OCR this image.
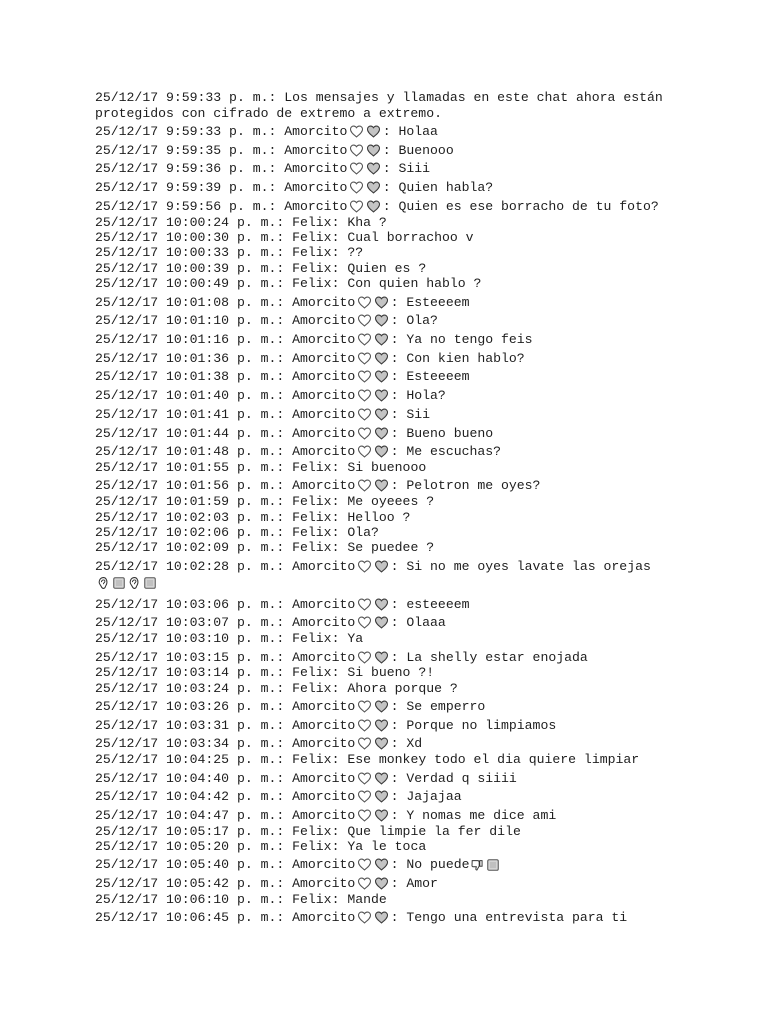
25/12/17 9:59:33 p. m.: Los mensajes y llamadas en este chat ahora están
protegidos con cifrado de extremo a extremo.
25/12/17 9:59:33 p. m.: Amorcito	: Holaa
25/12/17 9:59:35 p. m.: Amorcito	: Buenooo
25/12/17 9:59:36 p. m.: Amorcito	: Siii
25/12/17 9:59:39 p. m.: Amorcito	: Quien habla?
25/12/17 9:59:56 p. m.: Amorcito	: Quien es ese borracho de tu foto?
25/12/17 10:00:24 p. m.: Felix: Kha ?
25/12/17 10:00:30 p. m.: Felix: Cual borrachoo v
25/12/17 10:00:33 p. m.: Felix: ??
25/12/17 10:00:39 p. m.: Felix: Quien es ?
25/12/17 10:00:49 p. m.: Felix: Con quien hablo ?
25/12/17 10:01:08 p. m.: Amorcito	: Esteeeem
25/12/17 10:01:10 p. m.: Amorcito	: Ola?
25/12/17 10:01:16 p. m.: Amorcito	: Ya no tengo feis
25/12/17 10:01:36 p. m.: Amorcito	: Con kien hablo?
25/12/17 10:01:38 p. m.: Amorcito	: Esteeeem
25/12/17 10:01:40 p. m.: Amorcito	: Hola?
25/12/17 10:01:41 p. m.: Amorcito	: Sii
25/12/17 10:01:44 p. m.: Amorcito	: Bueno bueno
25/12/17 10:01:48 p. m.: Amorcito	: Me escuchas?
25/12/17 10:01:55 p. m.: Felix: Si buenooo
25/12/17 10:01:56 p. m.: Amorcito	: Pelotron me oyes?
25/12/17 10:01:59 p. m.: Felix: Me oyeees ?
25/12/17 10:02:03 p. m.: Felix: Helloo ?
25/12/17 10:02:06 p. m.: Felix: Ola?
25/12/17 10:02:09 p. m.: Felix: Se puedee ?
25/12/17 10:02:28 p. m.: Amorcito	: Si no me oyes lavate las orejas
25/12/17 10:03:06 p. m.: Amorcito	: esteeeem
25/12/17 10:03:07 p. m.: Amorcito	: Olaaa
25/12/17 10:03:10 p. m.: Felix: Ya
25/12/17 10:03:15 p. m.: Amorcito	: La shelly estar enojada
25/12/17 10:03:14 p. m.: Felix: Si bueno ?!
25/12/17 10:03:24 p. m.: Felix: Ahora porque ?
25/12/17 10:03:26 p. m.: Amorcito	: Se emperro
25/12/17 10:03:31 p. m.: Amorcito	: Porque no limpiamos
25/12/17 10:03:34 p. m.: Amorcito	: Xd
25/12/17 10:04:25 p. m.: Felix: Ese monkey todo el dia quiere limpiar
25/12/17 10:04:40 p. m.: Amorcito	: Verdad q siiii
25/12/17 10:04:42 p. m.: Amorcito	: Jajajaa
25/12/17 10:04:47 p. m.: Amorcito	: Y nomas me dice ami
25/12/17 10:05:17 p. m.: Felix: Que limpie la fer dile
25/12/17 10:05:20 p. m.: Felix: Ya le toca
25/12/17 10:05:40 p. m.: Amorcito	: No puede
25/12/17 10:05:42 p. m.: Amorcito	: Amor
25/12/17 10:06:10 p. m.: Felix: Mande
25/12/17 10:06:45 p. m.: Amorcito	: Tengo una entrevista para ti
